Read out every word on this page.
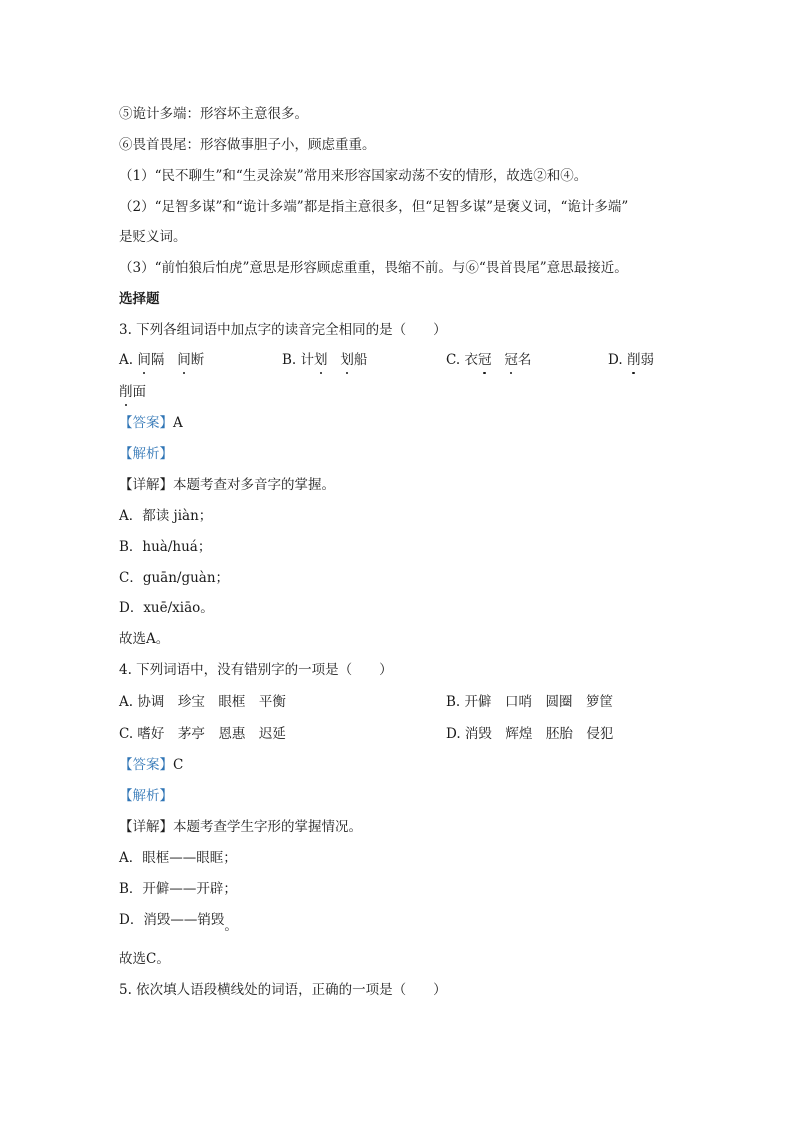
⑤诡计多端：形容坏主意很多。
⑥畏首畏尾：形容做事胆子小，顾虑重重。
（1）“民不聊生”和“生灵涂炭”常用来形容国家动荡不安的情形，故选②和④。
（2）“足智多谋”和“诡计多端”都是指主意很多，但“足智多谋”是褒义词，“诡计多端”
是贬义词。
（3）“前怕狼后怕虎”意思是形容顾虑重重，畏缩不前。与⑥“畏首畏尾”意思最接近。
选择题
3. 下列各组词语中加点字的读音完全相同的是（　　）
A. 间隔 间断	B. 计划 划船	C. 衣冠 冠名	D. 削弱
削面
【答案】A
【解析】
【详解】本题考查对多音字的掌握。
A．都读 jiàn；
B．huà/huá；
C．guān/guàn；
D．xuē/xiāo。
故选A。
4. 下列词语中，没有错别字的一项是（　　）
A. 协调　珍宝　眼框　平衡	B. 开僻　口哨　圆圈　箩筐
C. 嗜好　茅亭　恩惠　迟延	D. 消毁　辉煌　胚胎　侵犯
【答案】C
【解析】
【详解】本题考查学生字形的掌握情况。
A．眼框——眼眶；
B．开僻——开辟；
D．消毁——销毁。
故选C。
5. 依次填人语段横线处的词语，正确的一项是（　　）
